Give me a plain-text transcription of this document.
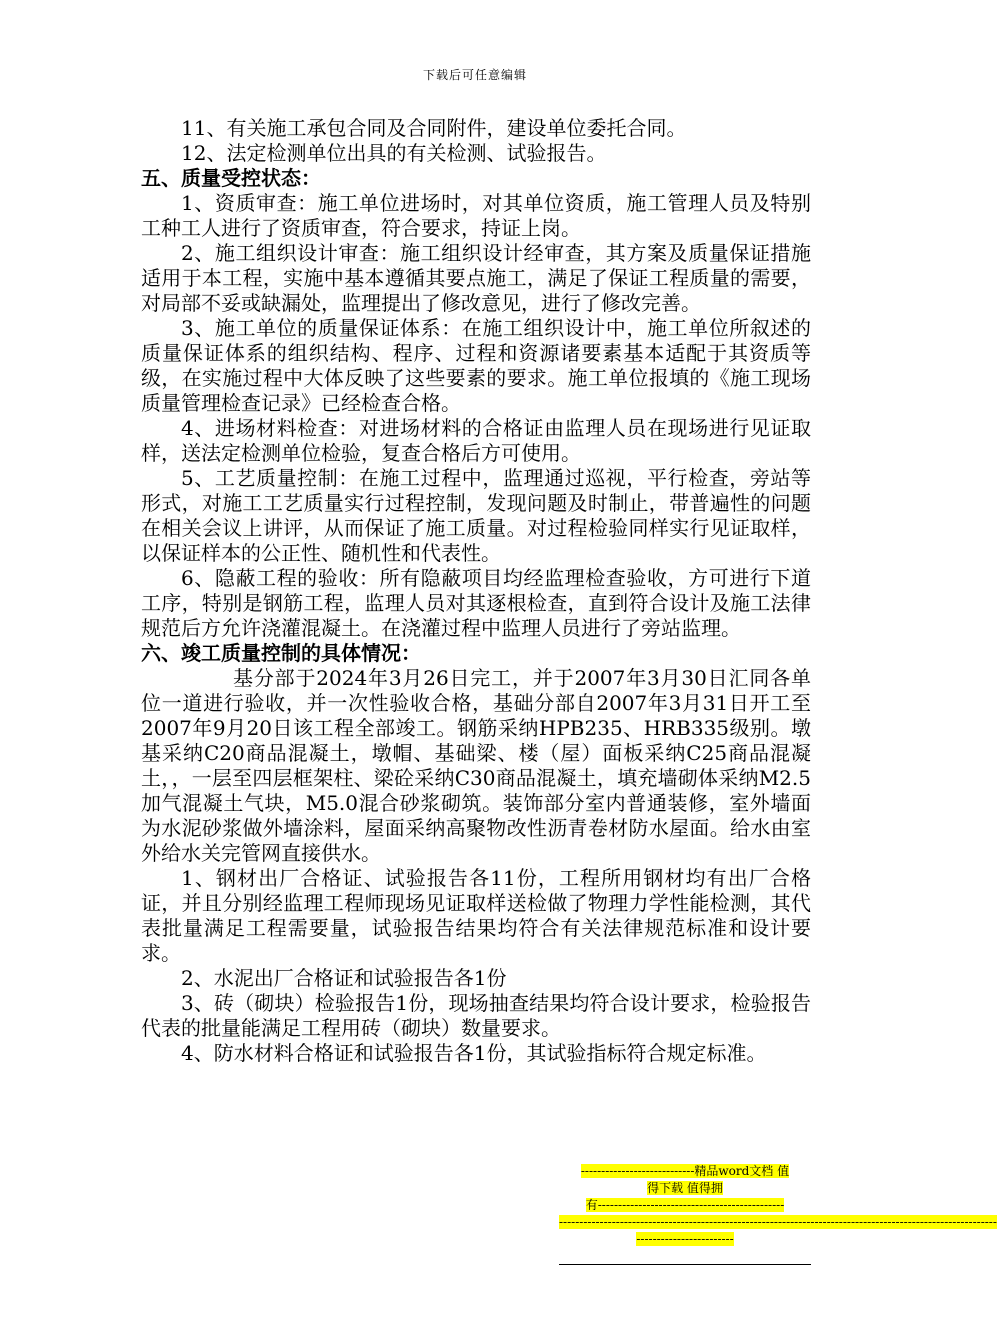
下载后可任意编辑

11、有关施工承包合同及合同附件，建设单位委托合同。

12、法定检测单位出具的有关检测、试验报告。

五、质量受控状态：

1、资质审查：施工单位进场时，对其单位资质，施工管理人员及特别工种工人进行了资质审查，符合要求，持证上岗。

2、施工组织设计审查：施工组织设计经审查，其方案及质量保证措施适用于本工程，实施中基本遵循其要点施工，满足了保证工程质量的需要，对局部不妥或缺漏处，监理提出了修改意见，进行了修改完善。

3、施工单位的质量保证体系：在施工组织设计中，施工单位所叙述的质量保证体系的组织结构、程序、过程和资源诸要素基本适配于其资质等级，在实施过程中大体反映了这些要素的要求。施工单位报填的《施工现场质量管理检查记录》已经检查合格。

4、进场材料检查：对进场材料的合格证由监理人员在现场进行见证取样，送法定检测单位检验，复查合格后方可使用。

5、工艺质量控制：在施工过程中，监理通过巡视，平行检查，旁站等形式，对施工工艺质量实行过程控制，发现问题及时制止，带普遍性的问题在相关会议上讲评，从而保证了施工质量。对过程检验同样实行见证取样，以保证样本的公正性、随机性和代表性。

6、隐蔽工程的验收：所有隐蔽项目均经监理检查验收，方可进行下道工序，特别是钢筋工程，监理人员对其逐根检查，直到符合设计及施工法律规范后方允许浇灌混凝土。在浇灌过程中监理人员进行了旁站监理。

六、竣工质量控制的具体情况：

基分部于2024年3月26日完工，并于2007年3月30日汇同各单位一道进行验收，并一次性验收合格，基础分部自2007年3月31日开工至2007年9月20日该工程全部竣工。钢筋采纳HPB235、HRB335级别。墩基采纳C20商品混凝土，墩帽、基础梁、楼（屋）面板采纳C25商品混凝土，，一层至四层框架柱、梁砼采纳C30商品混凝土，填充墙砌体采纳M2.5加气混凝土气块，M5.0混合砂浆砌筑。装饰部分室内普通装修，室外墙面为水泥砂浆做外墙涂料，屋面采纳高聚物改性沥青卷材防水屋面。给水由室外给水关完管网直接供水。

1、钢材出厂合格证、试验报告各11份，工程所用钢材均有出厂合格证，并且分别经监理工程师现场见证取样送检做了物理力学性能检测，其代表批量满足工程需要量，试验报告结果均符合有关法律规范标准和设计要求。

2、水泥出厂合格证和试验报告各1份

3、砖（砌块）检验报告1份，现场抽查结果均符合设计要求，检验报告代表的批量能满足工程用砖（砌块）数量要求。

4、防水材料合格证和试验报告各1份，其试验指标符合规定标准。

----------------------------精品word文档 值
得下载 值得拥
有----------------------------------------------
------------------------------------------------------------------------------------------------------------
------------------------
